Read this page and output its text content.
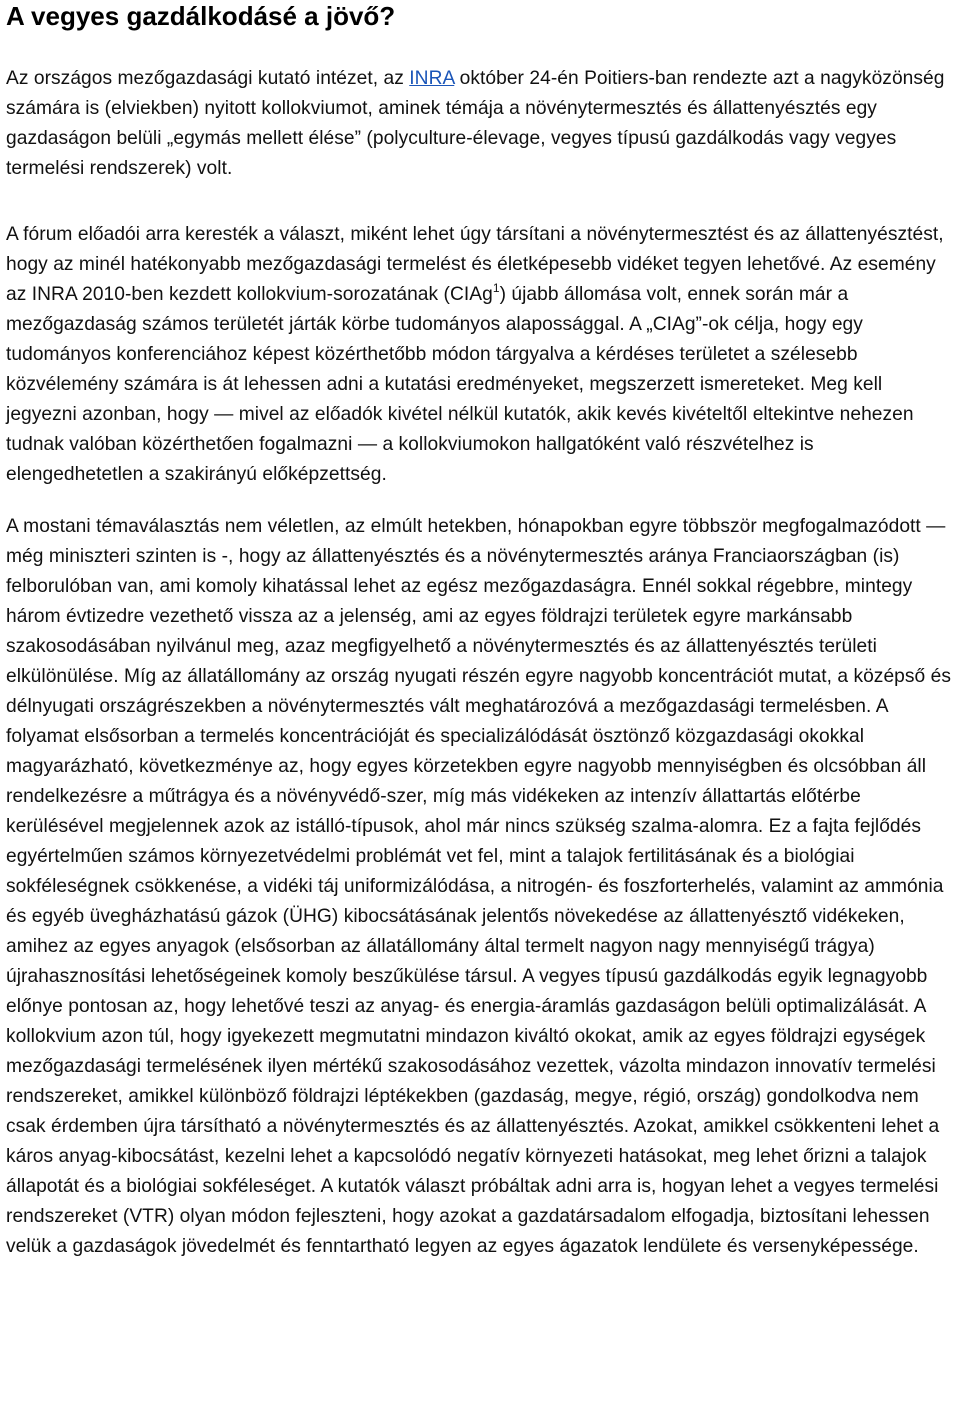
A vegyes gazdálkodásé a jövő?

Az országos mezőgazdasági kutató intézet, az INRA október 24-én Poitiers-ban rendezte azt a nagyközönség számára is (elviekben) nyitott kollokviumot, aminek témája a növénytermesztés és állattenyésztés egy gazdaságon belüli „egymás mellett élése” (polyculture-élevage, vegyes típusú gazdálkodás vagy vegyes termelési rendszerek) volt.

A fórum előadói arra keresték a választ, miként lehet úgy társítani a növénytermesztést és az állattenyésztést, hogy az minél hatékonyabb mezőgazdasági termelést és életképesebb vidéket tegyen lehetővé. Az esemény az INRA 2010-ben kezdett kollokvium-sorozatának (CIAg$^1$) újabb állomása volt, ennek során már a mezőgazdaság számos területét járták körbe tudományos alapossággal. A „CIAg”-ok célja, hogy egy tudományos konferenciához képest közérthetőbb módon tárgyalva a kérdéses területet a szélesebb közvélemény számára is át lehessen adni a kutatási eredményeket, megszerzett ismereteket. Meg kell jegyezni azonban, hogy — mivel az előadók kivétel nélkül kutatók, akik kevés kivételtől eltekintve nehezen tudnak valóban közérthetően fogalmazni — a kollokviumokon hallgatóként való részvételhez is elengedhetetlen a szakirányú előképzettség.

A mostani témaválasztás nem véletlen, az elmúlt hetekben, hónapokban egyre többször megfogalmazódott — még miniszteri szinten is -, hogy az állattenyésztés és a növénytermesztés aránya Franciaországban (is) felborulóban van, ami komoly kihatással lehet az egész mezőgazdaságra. Ennél sokkal régebbre, mintegy három évtizedre vezethető vissza az a jelenség, ami az egyes földrajzi területek egyre markánsabb szakosodásában nyilvánul meg, azaz megfigyelhető a növénytermesztés és az állattenyésztés területi elkülönülése. Míg az állatállomány az ország nyugati részén egyre nagyobb koncentrációt mutat, a középső és délnyugati országrészekben a növénytermesztés vált meghatározóvá a mezőgazdasági termelésben. A folyamat elsősorban a termelés koncentrációját és specializálódását ösztönző közgazdasági okokkal magyarázható, következménye az, hogy egyes körzetekben egyre nagyobb mennyiségben és olcsóbban áll rendelkezésre a műtrágya és a növényvédő-szer, míg más vidékeken az intenzív állattartás előtérbe kerülésével megjelennek azok az istálló-típusok, ahol már nincs szükség szalma-alomra. Ez a fajta fejlődés egyértelműen számos környezetvédelmi problémát vet fel, mint a talajok fertilitásának és a biológiai sokféleségnek csökkenése, a vidéki táj uniformizálódása, a nitrogén- és foszforterhelés, valamint az ammónia és egyéb üvegházhatású gázok (ÜHG) kibocsátásának jelentős növekedése az állattenyésztő vidékeken, amihez az egyes anyagok (elsősorban az állatállomány által termelt nagyon nagy mennyiségű trágya) újrahasznosítási lehetőségeinek komoly beszűkülése társul. A vegyes típusú gazdálkodás egyik legnagyobb előnye pontosan az, hogy lehetővé teszi az anyag- és energia-áramlás gazdaságon belüli optimalizálását. A kollokvium azon túl, hogy igyekezett megmutatni mindazon kiváltó okokat, amik az egyes földrajzi egységek mezőgazdasági termelésének ilyen mértékű szakosodásához vezettek, vázolta mindazon innovatív termelési rendszereket, amikkel különböző földrajzi léptékekben (gazdaság, megye, régió, ország) gondolkodva nem csak érdemben újra társítható a növénytermesztés és az állattenyésztés. Azokat, amikkel csökkenteni lehet a káros anyag-kibocsátást, kezelni lehet a kapcsolódó negatív környezeti hatásokat, meg lehet őrizni a talajok állapotát és a biológiai sokféleséget. A kutatók választ próbáltak adni arra is, hogyan lehet a vegyes termelési rendszereket (VTR) olyan módon fejleszteni, hogy azokat a gazdatársadalom elfogadja, biztosítani lehessen velük a gazdaságok jövedelmét és fenntartható legyen az egyes ágazatok lendülete és versenyképessége.
